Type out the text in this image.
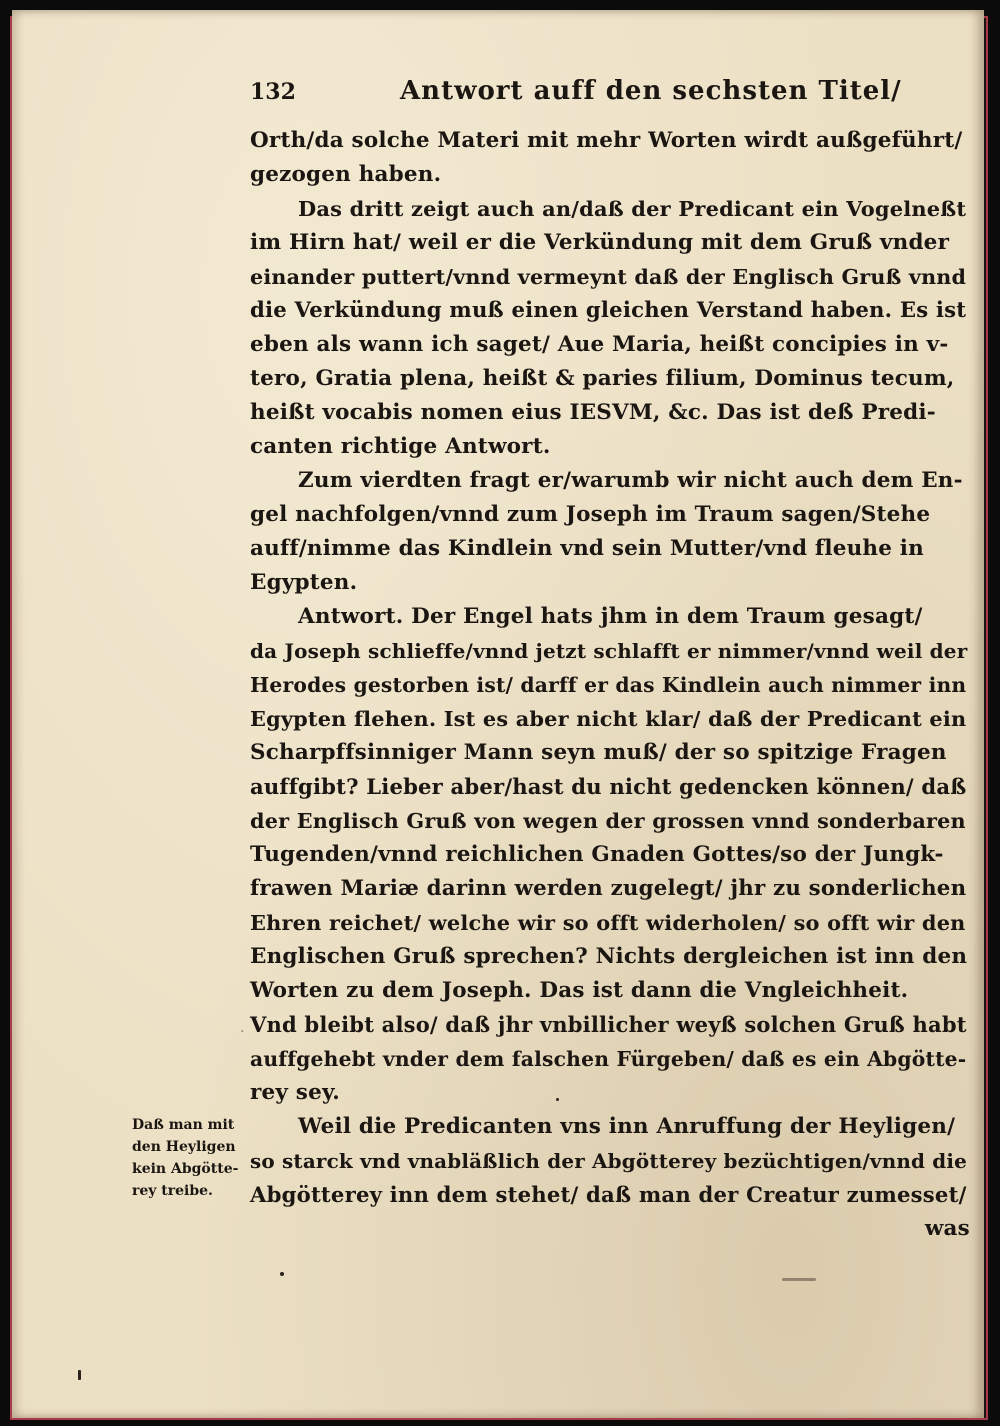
132	Antwort auff den sechsten Titel/
Orth/da solche Materi mit mehr Worten wirdt außgeführt/
gezogen haben.
Das dritt zeigt auch an/daß der Predicant ein Vogelneßt
im Hirn hat/ weil er die Verkündung mit dem Gruß vnder
einander puttert/vnnd vermeynt daß der Englisch Gruß vnnd
die Verkündung muß einen gleichen Verstand haben. Es ist
eben als wann ich saget/ Aue Maria, heißt concipies in v-
tero, Gratia plena, heißt & paries filium, Dominus tecum,
heißt vocabis nomen eius IESVM, &c. Das ist deß Predi-
canten richtige Antwort.
Zum vierdten fragt er/warumb wir nicht auch dem En-
gel nachfolgen/vnnd zum Joseph im Traum sagen/Stehe
auff/nimme das Kindlein vnd sein Mutter/vnd fleuhe in
Egypten.
Antwort. Der Engel hats jhm in dem Traum gesagt/
da Joseph schlieffe/vnnd jetzt schlafft er nimmer/vnnd weil der
Herodes gestorben ist/ darff er das Kindlein auch nimmer inn
Egypten flehen. Ist es aber nicht klar/ daß der Predicant ein
Scharpffsinniger Mann seyn muß/ der so spitzige Fragen
auffgibt? Lieber aber/hast du nicht gedencken können/ daß
der Englisch Gruß von wegen der grossen vnnd sonderbaren
Tugenden/vnnd reichlichen Gnaden Gottes/so der Jungk-
frawen Mariæ darinn werden zugelegt/ jhr zu sonderlichen
Ehren reichet/ welche wir so offt widerholen/ so offt wir den
Englischen Gruß sprechen? Nichts dergleichen ist inn den
Worten zu dem Joseph. Das ist dann die Vngleichheit.
Vnd bleibt also/ daß jhr vnbillicher weyß solchen Gruß habt
auffgehebt vnder dem falschen Fürgeben/ daß es ein Abgötte-
rey sey.
Weil die Predicanten vns inn Anruffung der Heyligen/
so starck vnd vnabläßlich der Abgötterey bezüchtigen/vnnd die
Abgötterey inn dem stehet/ daß man der Creatur zumesset/
was
Daß man mit
den Heyligen
kein Abgötte-
rey treibe.
·
